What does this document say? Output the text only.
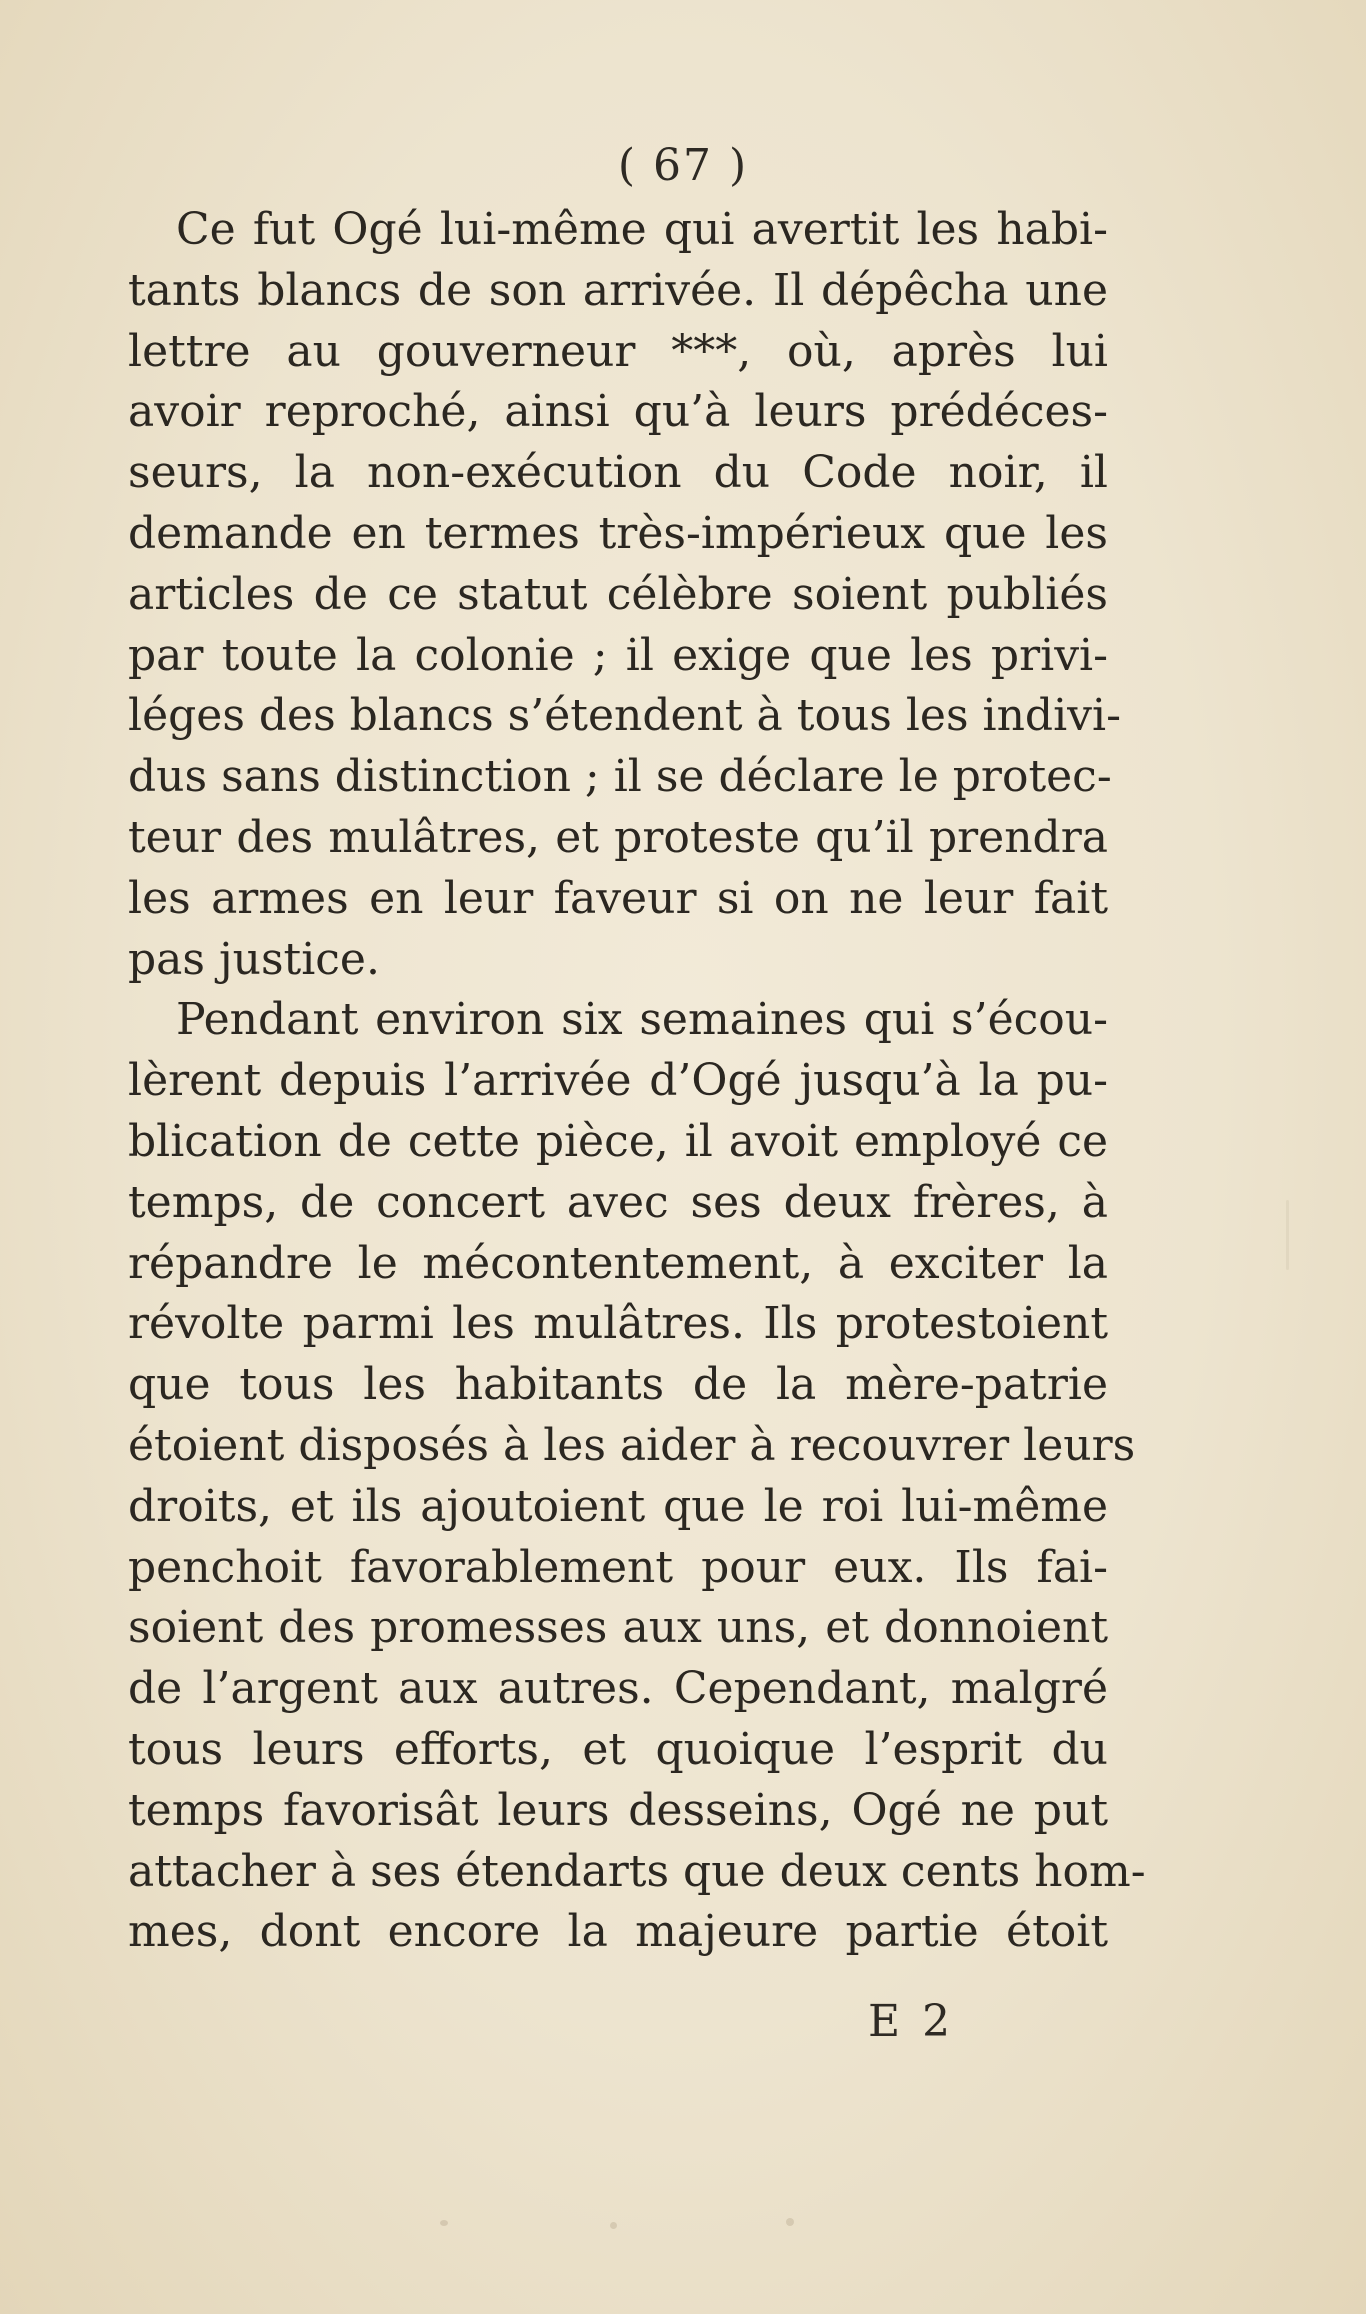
( 67 )
Ce fut Ogé lui-même qui avertit les habi-
tants blancs de son arrivée. Il dépêcha une
lettre au gouverneur ***, où, après lui
avoir reproché, ainsi qu’à leurs prédéces-
seurs, la non-exécution du Code noir, il
demande en termes très-impérieux que les
articles de ce statut célèbre soient publiés
par toute la colonie ; il exige que les privi-
léges des blancs s’étendent à tous les indivi-
dus sans distinction ; il se déclare le protec-
teur des mulâtres, et proteste qu’il prendra
les armes en leur faveur si on ne leur fait
pas justice.
Pendant environ six semaines qui s’écou-
lèrent depuis l’arrivée d’Ogé jusqu’à la pu-
blication de cette pièce, il avoit employé ce
temps, de concert avec ses deux frères, à
répandre le mécontentement, à exciter la
révolte parmi les mulâtres. Ils protestoient
que tous les habitants de la mère-patrie
étoient disposés à les aider à recouvrer leurs
droits, et ils ajoutoient que le roi lui-même
penchoit favorablement pour eux. Ils fai-
soient des promesses aux uns, et donnoient
de l’argent aux autres. Cependant, malgré
tous leurs efforts, et quoique l’esprit du
temps favorisât leurs desseins, Ogé ne put
attacher à ses étendarts que deux cents hom-
mes, dont encore la majeure partie étoit
E 2
